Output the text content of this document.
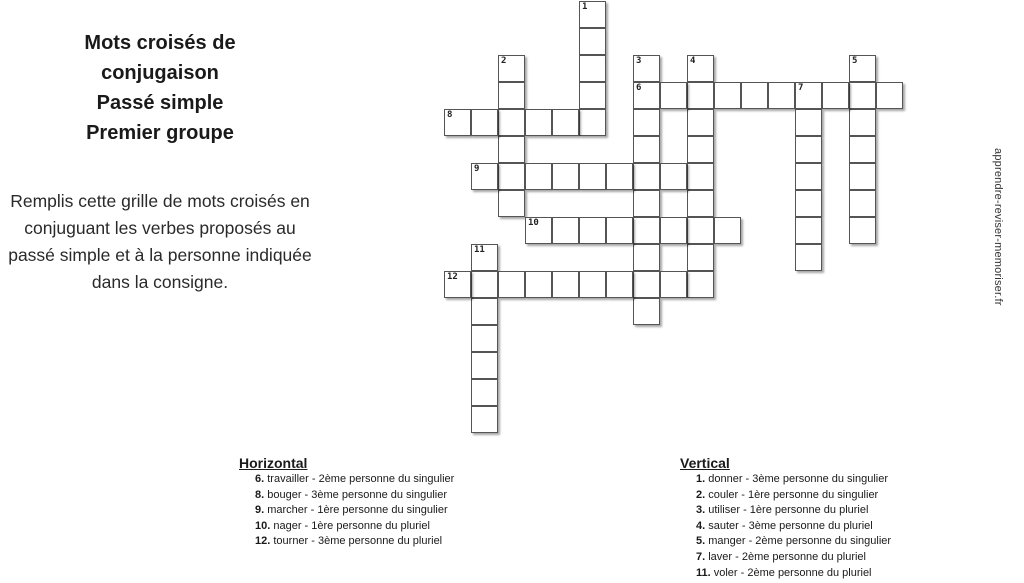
Mots croisés de
conjugaison
Passé simple
Premier groupe
Remplis cette grille de mots croisés en conjuguant les verbes proposés au passé simple et à la personne indiquée dans la consigne.	apprendre-reviser-memoriser.fr
1
2	3
6
4	5
7
8
9
10
11
12
Horizontal
6. travailler - 2ème personne du singulier
8. bouger - 3ème personne du singulier
9. marcher - 1ère personne du singulier
10. nager - 1ère personne du pluriel
12. tourner - 3ème personne du pluriel
Vertical
1. donner - 3ème personne du singulier
2. couler - 1ère personne du singulier
3. utiliser - 1ère personne du pluriel
4. sauter - 3ème personne du pluriel
5. manger - 2ème personne du singulier
7. laver - 2ème personne du pluriel
11. voler - 2ème personne du pluriel
